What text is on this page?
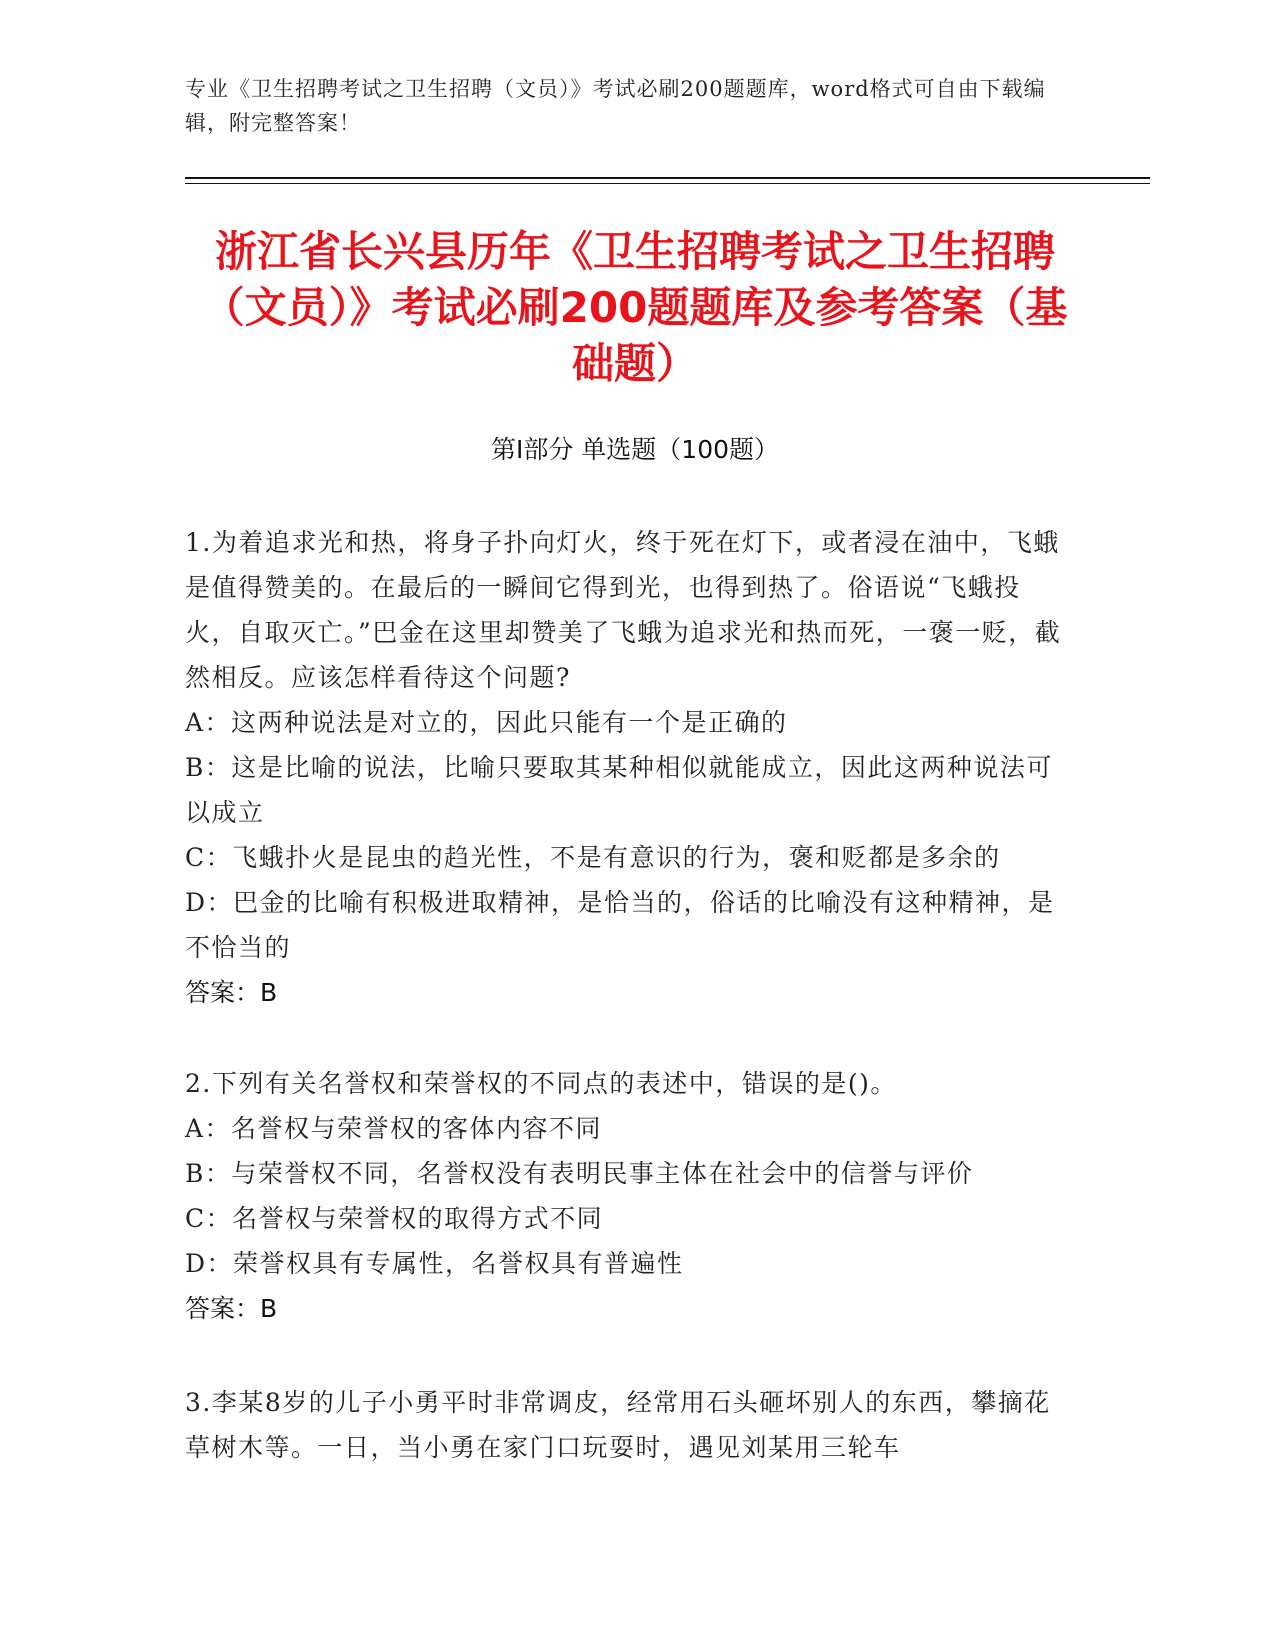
专业《卫生招聘考试之卫生招聘（文员）》考试必刷200题题库，word格式可自由下载编辑，附完整答案！
浙江省长兴县历年《卫生招聘考试之卫生招聘（文员）》考试必刷200题题库及参考答案（基础题）
第I部分 单选题（100题）

1.为着追求光和热，将身子扑向灯火，终于死在灯下，或者浸在油中，飞蛾是值得赞美的。在最后的一瞬间它得到光，也得到热了。俗语说“飞蛾投火，自取灭亡。”巴金在这里却赞美了飞蛾为追求光和热而死，一褒一贬，截然相反。应该怎样看待这个问题?

A：这两种说法是对立的，因此只能有一个是正确的

B：这是比喻的说法，比喻只要取其某种相似就能成立，因此这两种说法可以成立

C：飞蛾扑火是昆虫的趋光性，不是有意识的行为，褒和贬都是多余的

D：巴金的比喻有积极进取精神，是恰当的，俗话的比喻没有这种精神，是不恰当的

答案：B

2.下列有关名誉权和荣誉权的不同点的表述中，错误的是()。

A：名誉权与荣誉权的客体内容不同

B：与荣誉权不同，名誉权没有表明民事主体在社会中的信誉与评价

C：名誉权与荣誉权的取得方式不同

D：荣誉权具有专属性，名誉权具有普遍性

答案：B

3.李某8岁的儿子小勇平时非常调皮，经常用石头砸坏别人的东西，攀摘花草树木等。一日，当小勇在家门口玩耍时，遇见刘某用三轮车
